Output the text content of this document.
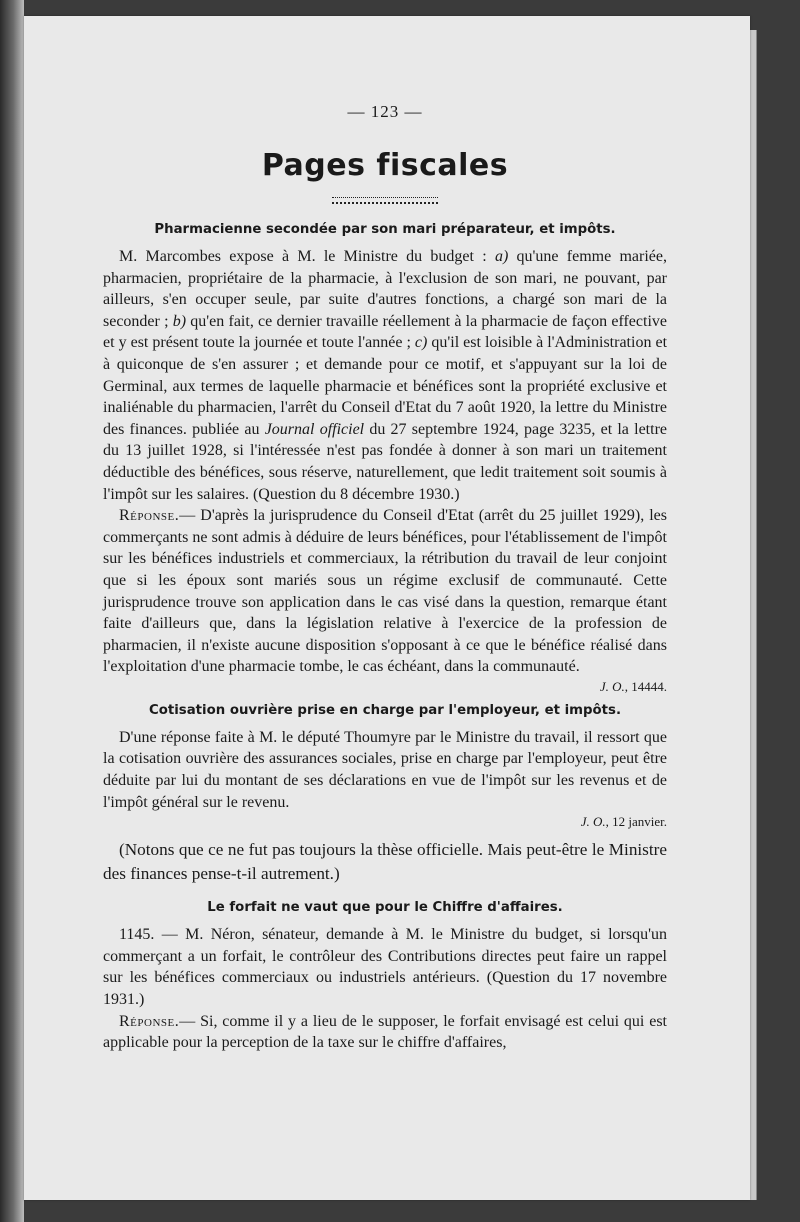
— 123 —

Pages fiscales
Pharmacienne secondée par son mari préparateur, et impôts.

M. Marcombes expose à M. le Ministre du budget : a) qu'une femme mariée, pharmacien, propriétaire de la pharmacie, à l'exclusion de son mari, ne pouvant, par ailleurs, s'en occuper seule, par suite d'autres fonctions, a chargé son mari de la seconder ; b) qu'en fait, ce dernier travaille réellement à la pharmacie de façon effective et y est présent toute la journée et toute l'année ; c) qu'il est loisible à l'Administration et à quiconque de s'en assurer ; et demande pour ce motif, et s'appuyant sur la loi de Germinal, aux termes de laquelle pharmacie et bénéfices sont la propriété exclusive et inaliénable du pharmacien, l'arrêt du Conseil d'Etat du 7 août 1920, la lettre du Ministre des finances. publiée au Journal officiel du 27 septembre 1924, page 3235, et la lettre du 13 juillet 1928, si l'intéressée n'est pas fondée à donner à son mari un traitement déductible des bénéfices, sous réserve, naturellement, que ledit traitement soit soumis à l'impôt sur les salaires. (Question du 8 décembre 1930.)

Réponse.— D'après la jurisprudence du Conseil d'Etat (arrêt du 25 juillet 1929), les commerçants ne sont admis à déduire de leurs bénéfices, pour l'établissement de l'impôt sur les bénéfices industriels et commerciaux, la rétribution du travail de leur conjoint que si les époux sont mariés sous un régime exclusif de communauté. Cette jurisprudence trouve son application dans le cas visé dans la question, remarque étant faite d'ailleurs que, dans la législation relative à l'exercice de la profession de pharmacien, il n'existe aucune disposition s'opposant à ce que le bénéfice réalisé dans l'exploitation d'une pharmacie tombe, le cas échéant, dans la communauté.

J. O., 14444.

Cotisation ouvrière prise en charge par l'employeur, et impôts.

D'une réponse faite à M. le député Thoumyre par le Ministre du travail, il ressort que la cotisation ouvrière des assurances sociales, prise en charge par l'employeur, peut être déduite par lui du montant de ses déclarations en vue de l'impôt sur les revenus et de l'impôt général sur le revenu.

J. O., 12 janvier.

(Notons que ce ne fut pas toujours la thèse officielle. Mais peut-être le Ministre des finances pense-t-il autrement.)

Le forfait ne vaut que pour le Chiffre d'affaires.

1145. — M. Néron, sénateur, demande à M. le Ministre du budget, si lorsqu'un commerçant a un forfait, le contrôleur des Contributions directes peut faire un rappel sur les bénéfices commerciaux ou industriels antérieurs. (Question du 17 novembre 1931.)

Réponse.— Si, comme il y a lieu de le supposer, le forfait envisagé est celui qui est applicable pour la perception de la taxe sur le chiffre d'affaires,
